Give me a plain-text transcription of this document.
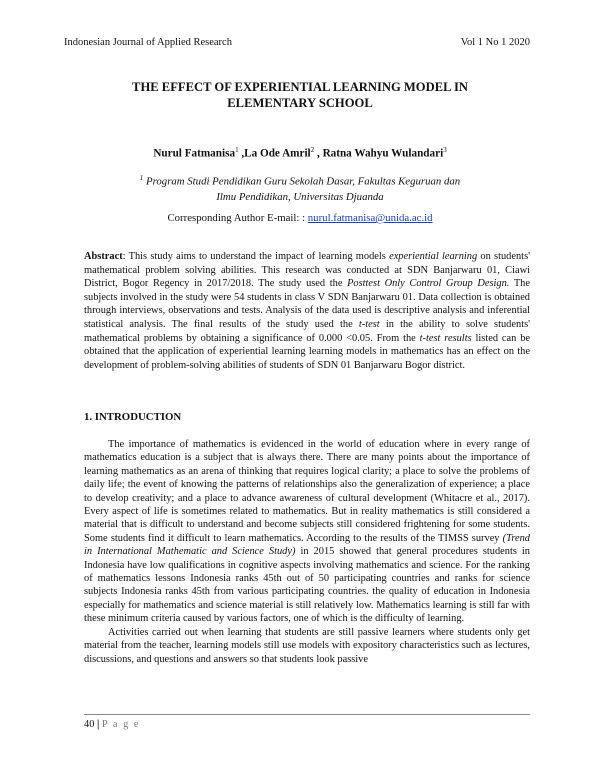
Indonesian Journal of Applied Research	Vol 1 No 1 2020
THE EFFECT OF EXPERIENTIAL LEARNING MODEL IN
ELEMENTARY SCHOOL
Nurul Fatmanisa$^1$ ,La Ode Amril$^2$ , Ratna Wahyu Wulandari$^3$
$^1$ Program Studi Pendidikan Guru Sekolah Dasar, Fakultas Keguruan dan
Ilmu Pendidikan, Universitas Djuanda
Corresponding Author E-mail: : nurul.fatmanisa@unida.ac.id
Abstract: This study aims to understand the impact of learning models experiential learning on students' mathematical problem solving abilities. This research was conducted at SDN Banjarwaru 01, Ciawi District, Bogor Regency in 2017/2018. The study used the Posttest Only Control Group Design. The subjects involved in the study were 54 students in class V SDN Banjarwaru 01. Data collection is obtained through interviews, observations and tests. Analysis of the data used is descriptive analysis and inferential statistical analysis. The final results of the study used the t-test in the ability to solve students' mathematical problems by obtaining a significance of 0.000 <0.05. From the t-test results listed can be obtained that the application of experiential learning learning models in mathematics has an effect on the development of problem-solving abilities of students of SDN 01 Banjarwaru Bogor district.
1. INTRODUCTION

The importance of mathematics is evidenced in the world of education where in every range of mathematics education is a subject that is always there. There are many points about the importance of learning mathematics as an arena of thinking that requires logical clarity; a place to solve the problems of daily life; the event of knowing the patterns of relationships also the generalization of experience; a place to develop creativity; and a place to advance awareness of cultural development (Whitacre et al., 2017). Every aspect of life is sometimes related to mathematics. But in reality mathematics is still considered a material that is difficult to understand and become subjects still considered frightening for some students. Some students find it difficult to learn mathematics. According to the results of the TIMSS survey (Trend in International Mathematic and Science Study) in 2015 showed that general procedures students in Indonesia have low qualifications in cognitive aspects involving mathematics and science. For the ranking of mathematics lessons Indonesia ranks 45th out of 50 participating countries and ranks for science subjects Indonesia ranks 45th from various participating countries. the quality of education in Indonesia especially for mathematics and science material is still relatively low. Mathematics learning is still far with these minimum criteria caused by various factors, one of which is the difficulty of learning.

Activities carried out when learning that students are still passive learners where students only get material from the teacher, learning models still use models with expository characteristics such as lectures, discussions, and questions and answers so that students look passive

40 | P a g e
